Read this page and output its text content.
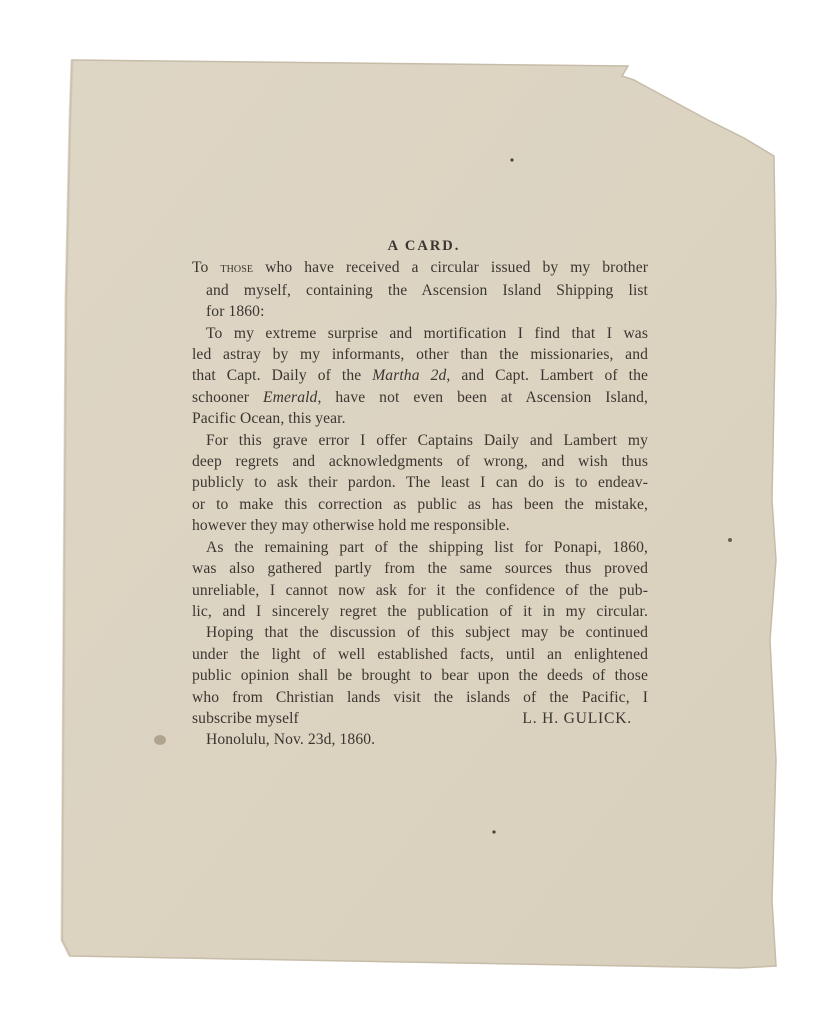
A CARD.
To those who have received a circular issued by my brother
and myself, containing the Ascension Island Shipping list
for 1860:
To my extreme surprise and mortification I find that I was
led astray by my informants, other than the missionaries, and
that Capt. Daily of the Martha 2d, and Capt. Lambert of the
schooner Emerald, have not even been at Ascension Island,
Pacific Ocean, this year.
For this grave error I offer Captains Daily and Lambert my
deep regrets and acknowledgments of wrong, and wish thus
publicly to ask their pardon. The least I can do is to endeav-
or to make this correction as public as has been the mistake,
however they may otherwise hold me responsible.
As the remaining part of the shipping list for Ponapi, 1860,
was also gathered partly from the same sources thus proved
unreliable, I cannot now ask for it the confidence of the pub-
lic, and I sincerely regret the publication of it in my circular.
Hoping that the discussion of this subject may be continued
under the light of well established facts, until an enlightened
public opinion shall be brought to bear upon the deeds of those
who from Christian lands visit the islands of the Pacific, I
subscribe myself	L. H. GULICK.
Honolulu, Nov. 23d, 1860.
